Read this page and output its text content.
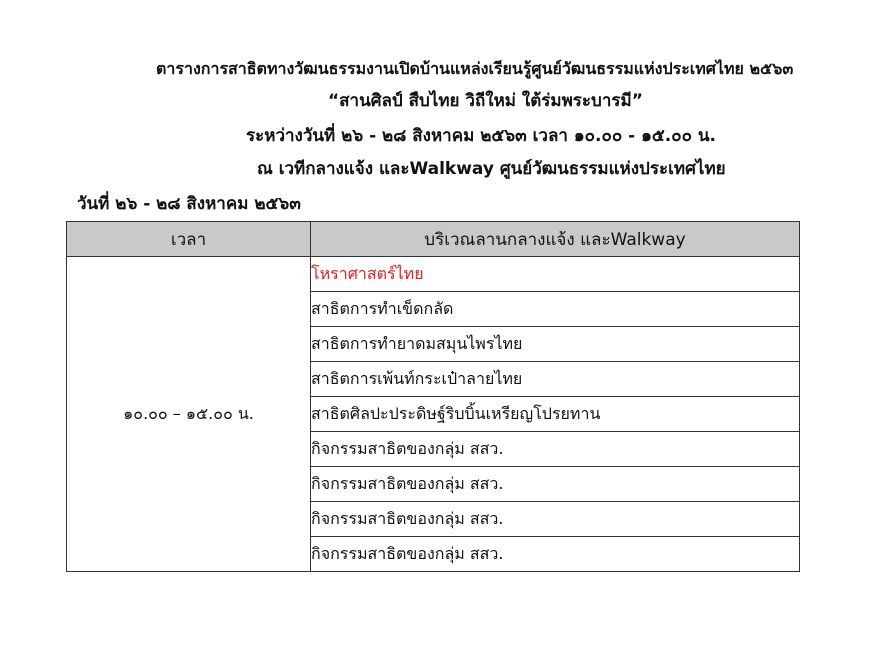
ตารางการสาธิตทางวัฒนธรรมงานเปิดบ้านแหล่งเรียนรู้ศูนย์วัฒนธรรมแห่งประเทศไทย ๒๕๖๓
“สานศิลป์ สืบไทย วิถีใหม่ ใต้ร่มพระบารมี”
ระหว่างวันที่ ๒๖ - ๒๘ สิงหาคม ๒๕๖๓ เวลา ๑๐.๐๐ - ๑๕.๐๐ น.
ณ เวทีกลางแจ้ง และWalkway ศูนย์วัฒนธรรมแห่งประเทศไทย
วันที่ ๒๖ - ๒๘ สิงหาคม ๒๕๖๓
เวลา	บริเวณลานกลางแจ้ง และWalkway
๑๐.๐๐ – ๑๕.๐๐ น.	โหราศาสตร์ไทย
	สาธิตการทำเข็ดกลัด
	สาธิตการทำยาดมสมุนไพรไทย
	สาธิตการเพ้นท์กระเป๋าลายไทย
	สาธิตศิลปะประดิษฐ์ริบบิ้นเหรียญโปรยทาน
	กิจกรรมสาธิตของกลุ่ม สสว.
	กิจกรรมสาธิตของกลุ่ม สสว.
	กิจกรรมสาธิตของกลุ่ม สสว.
	กิจกรรมสาธิตของกลุ่ม สสว.
